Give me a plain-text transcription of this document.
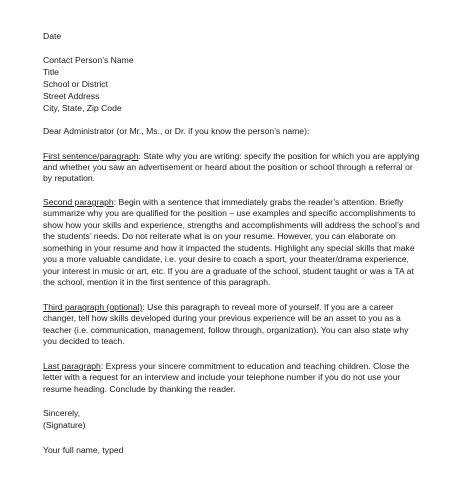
Date
Contact Person’s Name
Title
School or District
Street Address
City, State, Zip Code
Dear Administrator (or Mr., Ms., or Dr. if you know the person’s name):
First sentence/paragraph: State why you are writing: specify the position for which you are applying
and whether you saw an advertisement or heard about the position or school through a referral or
by reputation.
Second paragraph: Begin with a sentence that immediately grabs the reader’s attention. Briefly
summarize why you are qualified for the position – use examples and specific accomplishments to
show how your skills and experience, strengths and accomplishments will address the school’s and
the students’ needs. Do not reiterate what is on your resume. However, you can elaborate on
something in your resume and how it impacted the students. Highlight any special skills that make
you a more valuable candidate, i.e. your desire to coach a sport, your theater/drama experience,
your interest in music or art, etc. If you are a graduate of the school, student taught or was a TA at
the school, mention it in the first sentence of this paragraph.
Third paragraph (optional): Use this paragraph to reveal more of yourself. If you are a career
changer, tell how skills developed during your previous experience will be an asset to you as a
teacher (i.e. communication, management, follow through, organization). You can also state why
you decided to teach.
Last paragraph: Express your sincere commitment to education and teaching children. Close the
letter with a request for an interview and include your telephone number if you do not use your
resume heading. Conclude by thanking the reader.
Sincerely,
(Signature)
Your full name, typed
